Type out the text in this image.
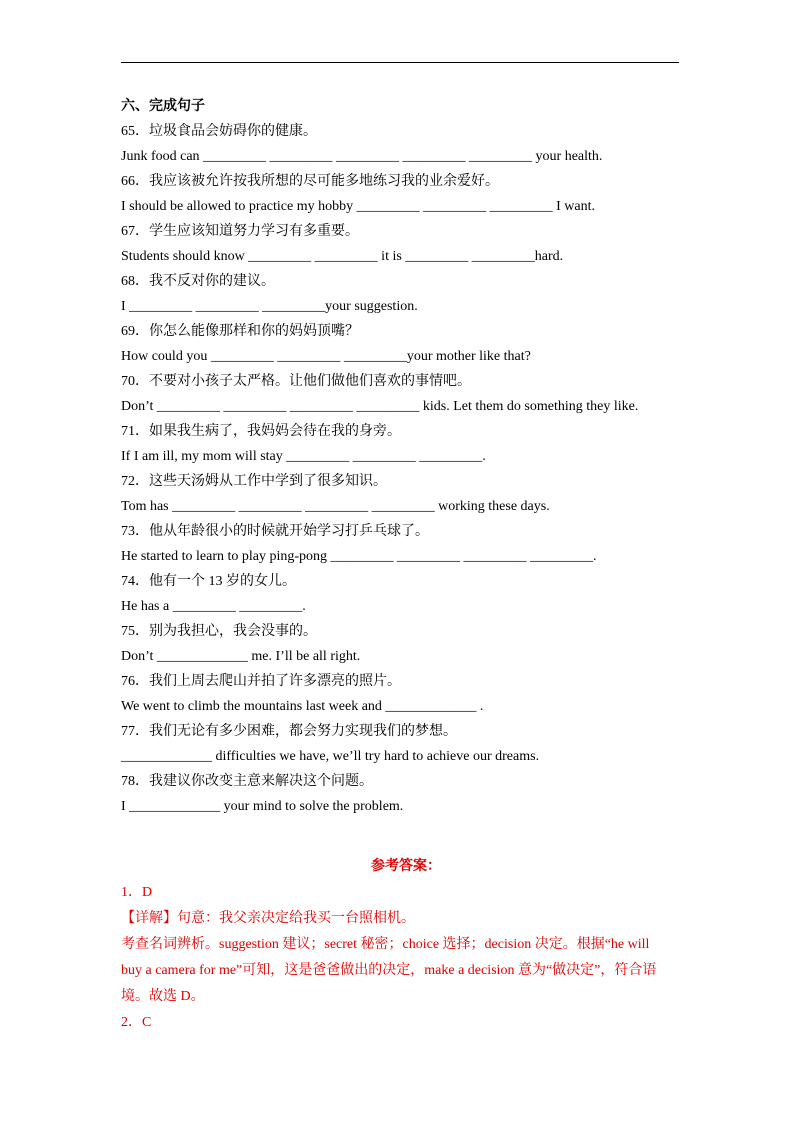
六、完成句子

65．垃圾食品会妨碍你的健康。

Junk food can _________ _________ _________ _________ _________ your health.

66．我应该被允许按我所想的尽可能多地练习我的业余爱好。

I should be allowed to practice my hobby _________ _________ _________ I want.

67．学生应该知道努力学习有多重要。

Students should know _________ _________ it is _________ _________hard.

68．我不反对你的建议。

I _________ _________ _________your suggestion.

69．你怎么能像那样和你的妈妈顶嘴？

How could you _________ _________ _________your mother like that?

70．不要对小孩子太严格。让他们做他们喜欢的事情吧。

Don’t _________ _________ _________ _________ kids. Let them do something they like.

71．如果我生病了，我妈妈会待在我的身旁。

If I am ill, my mom will stay _________ _________ _________.

72．这些天汤姆从工作中学到了很多知识。

Tom has _________ _________ _________ _________ working these days.

73．他从年龄很小的时候就开始学习打乒乓球了。

He started to learn to play ping-pong _________ _________ _________ _________.

74．他有一个 13 岁的女儿。

He has a _________ _________.

75．别为我担心，我会没事的。

Don’t _____________ me. I’ll be all right.

76．我们上周去爬山并拍了许多漂亮的照片。

We went to climb the mountains last week and _____________ .

77．我们无论有多少困难，都会努力实现我们的梦想。

_____________ difficulties we have, we’ll try hard to achieve our dreams.

78．我建议你改变主意来解决这个问题。

I _____________ your mind to solve the problem.

参考答案：

1．D

【详解】句意：我父亲决定给我买一台照相机。

考查名词辨析。suggestion 建议；secret 秘密；choice 选择；decision 决定。根据“he will

buy a camera for me”可知，这是爸爸做出的决定，make a decision 意为“做决定”，符合语

境。故选 D。

2．C
